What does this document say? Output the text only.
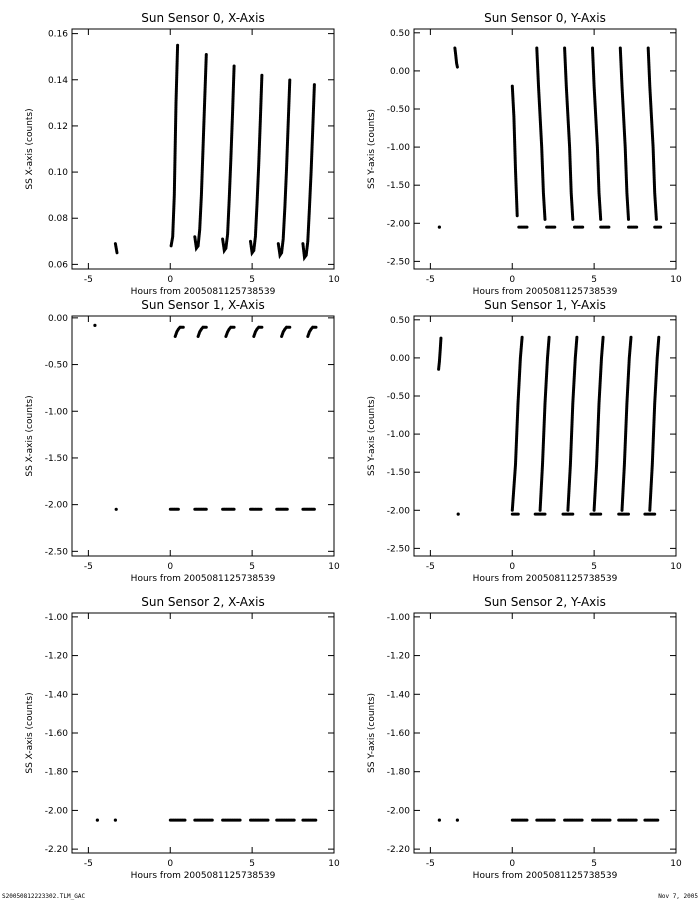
Sun Sensor 0, X-Axis
-5	0	5	10
0.06
0.08
0.10
0.12
0.14
0.16
Hours from 2005081125738539
SS X-axis (counts)
Sun Sensor 0, Y-Axis
-5	0	5	10
-2.50
-2.00
-1.50
-1.00
-0.50
0.00
0.50
Hours from 2005081125738539
SS Y-axis (counts)
Sun Sensor 1, X-Axis
-5	0	5	10
-2.50
-2.00
-1.50
-1.00
-0.50
0.00
Hours from 2005081125738539
SS X-axis (counts)
Sun Sensor 1, Y-Axis
-5	0	5	10
-2.50
-2.00
-1.50
-1.00
-0.50
0.00
0.50
Hours from 2005081125738539
SS Y-axis (counts)
Sun Sensor 2, X-Axis
-5	0	5	10
-2.20
-2.00
-1.80
-1.60
-1.40
-1.20
-1.00
Hours from 2005081125738539
SS X-axis (counts)
Sun Sensor 2, Y-Axis
-5	0	5	10
-2.20
-2.00
-1.80
-1.60
-1.40
-1.20
-1.00
Hours from 2005081125738539
SS Y-axis (counts)
S20050812223302.TLM_GAC	Nov 7, 2005
